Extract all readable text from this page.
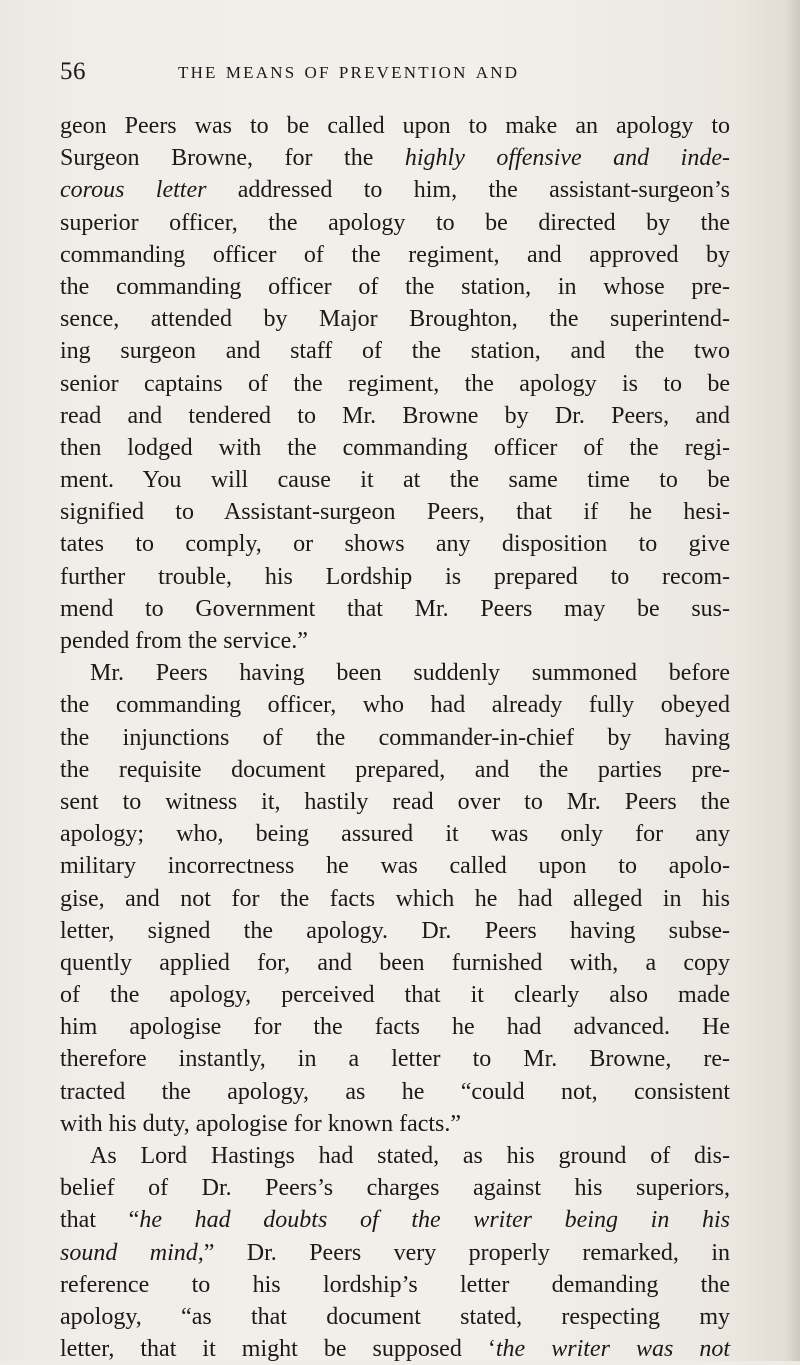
56	the means of prevention and
geon Peers was to be called upon to make an apology to
Surgeon Browne, for the highly offensive and inde-
corous letter addressed to him, the assistant-surgeon’s
superior officer, the apology to be directed by the
commanding officer of the regiment, and approved by
the commanding officer of the station, in whose pre-
sence, attended by Major Broughton, the superintend-
ing surgeon and staff of the station, and the two
senior captains of the regiment, the apology is to be
read and tendered to Mr. Browne by Dr. Peers, and
then lodged with the commanding officer of the regi-
ment. You will cause it at the same time to be
signified to Assistant-surgeon Peers, that if he hesi-
tates to comply, or shows any disposition to give
further trouble, his Lordship is prepared to recom-
mend to Government that Mr. Peers may be sus-
pended from the service.”
Mr. Peers having been suddenly summoned before
the commanding officer, who had already fully obeyed
the injunctions of the commander-in-chief by having
the requisite document prepared, and the parties pre-
sent to witness it, hastily read over to Mr. Peers the
apology; who, being assured it was only for any
military incorrectness he was called upon to apolo-
gise, and not for the facts which he had alleged in his
letter, signed the apology. Dr. Peers having subse-
quently applied for, and been furnished with, a copy
of the apology, perceived that it clearly also made
him apologise for the facts he had advanced. He
therefore instantly, in a letter to Mr. Browne, re-
tracted the apology, as he “could not, consistent
with his duty, apologise for known facts.”
As Lord Hastings had stated, as his ground of dis-
belief of Dr. Peers’s charges against his superiors,
that “he had doubts of the writer being in his
sound mind,” Dr. Peers very properly remarked, in
reference to his lordship’s letter demanding the
apology, “as that document stated, respecting my
letter, that it might be supposed ‘the writer was not
